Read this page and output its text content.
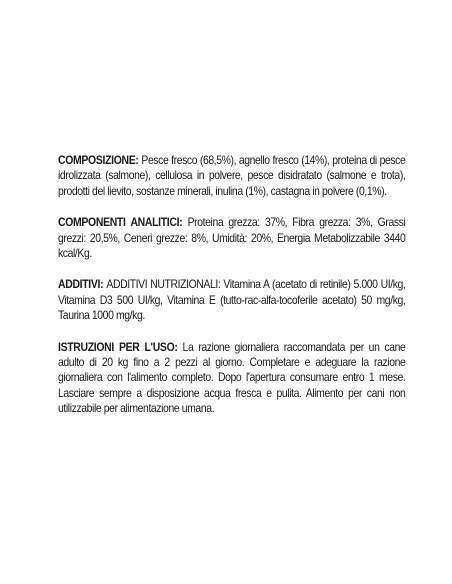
COMPOSIZIONE: Pesce fresco (68,5%), agnello fresco (14%), proteina di pesce idrolizzata (salmone), cellulosa in polvere, pesce disidratato (salmone e trota), prodotti del lievito, sostanze minerali, inulina (1%), castagna in polvere (0,1%).

COMPONENTI ANALITICI: Proteina grezza: 37%, Fibra grezza: 3%, Grassi grezzi: 20,5%, Ceneri grezze: 8%, Umidità: 20%, Energia Metabolizzabile 3440 kcal/Kg.

ADDITIVI: ADDITIVI NUTRIZIONALI: Vitamina A (acetato di retinile) 5.000 UI/kg, Vitamina D3 500 UI/kg, Vitamina E (tutto-rac-alfa-tocoferile acetato) 50 mg/kg, Taurina 1000 mg/kg.

ISTRUZIONI PER L'USO: La razione giornaliera raccomandata per un cane adulto di 20 kg fino a 2 pezzi al giorno. Completare e adeguare la razione giornaliera con l'alimento completo. Dopo l'apertura consumare entro 1 mese. Lasciare sempre a disposizione acqua fresca e pulita. Alimento per cani non utilizzabile per alimentazione umana.
